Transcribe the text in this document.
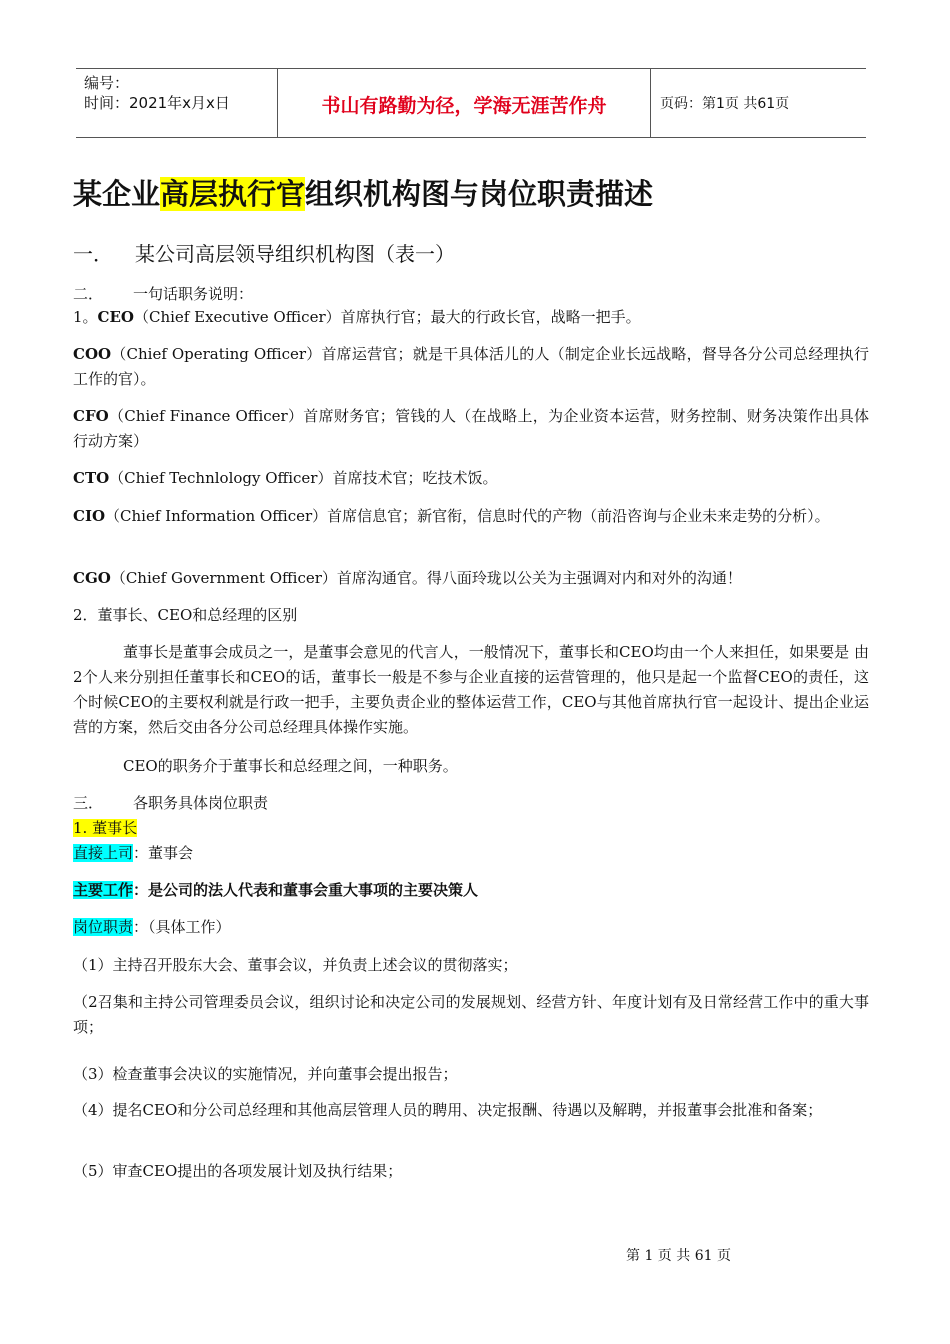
编号：
时间：2021年x月x日	书山有路勤为径，学海无涯苦作舟	页码：第1页 共61页
某企业高层执行官组织机构图与岗位职责描述
一． 某公司高层领导组织机构图（表一）
二． 一句话职务说明：
1。CEO（Chief Executive Officer）首席执行官；最大的行政长官，战略一把手。
COO（Chief Operating Officer）首席运营官；就是干具体活儿的人（制定企业长远战略，督导各分公司总经理执行工作的官）。
CFO（Chief Finance Officer）首席财务官；管钱的人（在战略上，为企业资本运营，财务控制、财务决策作出具体行动方案）
CTO（Chief Technlology Officer）首席技术官；吃技术饭。
CIO（Chief Information Officer）首席信息官；新官衔，信息时代的产物（前沿咨询与企业未来走势的分析）。
CGO（Chief Government Officer）首席沟通官。得八面玲珑以公关为主强调对内和对外的沟通！
2．董事长、CEO和总经理的区别
董事长是董事会成员之一，是董事会意见的代言人，一般情况下，董事长和CEO均由一个人来担任，如果要是 由2个人来分别担任董事长和CEO的话，董事长一般是不参与企业直接的运营管理的，他只是起一个监督CEO的责任，这个时候CEO的主要权利就是行政一把手，主要负责企业的整体运营工作，CEO与其他首席执行官一起设计、提出企业运营的方案，然后交由各分公司总经理具体操作实施。
CEO的职务介于董事长和总经理之间，一种职务。
三． 各职务具体岗位职责
1. 董事长
直接上司：董事会
主要工作：是公司的法人代表和董事会重大事项的主要决策人
岗位职责：（具体工作）
（1）主持召开股东大会、董事会议，并负责上述会议的贯彻落实；
（2召集和主持公司管理委员会议，组织讨论和决定公司的发展规划、经营方针、年度计划有及日常经营工作中的重大事项；
（3）检查董事会决议的实施情况，并向董事会提出报告；
（4）提名CEO和分公司总经理和其他高层管理人员的聘用、决定报酬、待遇以及解聘，并报董事会批准和备案；
（5）审查CEO提出的各项发展计划及执行结果；
第 1 页 共 61 页
